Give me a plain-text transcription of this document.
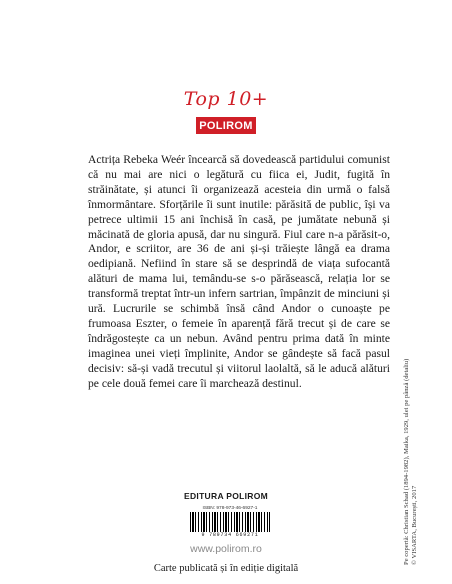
Top 10+
POLIROM

Actrița Rebeka Weér încearcă să dovedească partidului comunist că nu mai are nici o legătură cu fiica ei, Judit, fugită în străinătate, și atunci îi organizează acesteia din urmă o falsă înmormântare. Sforțările îi sunt inutile: părăsită de public, își va petrece ultimii 15 ani închisă în casă, pe jumătate nebună și măcinată de gloria apusă, dar nu singură. Fiul care n-a părăsit-o, Andor, e scriitor, are 36 de ani și-și trăiește lângă ea drama oedipiană. Nefiind în stare să se desprindă de viața sufocantă alături de mama lui, temându-se s-o părăsească, relația lor se transformă treptat într-un infern sartrian, împânzit de minciuni și ură. Lucrurile se schimbă însă când Andor o cunoaște pe frumoasa Eszter, o femeie în aparență fără trecut și de care se îndrăgostește ca un nebun. Având pentru prima dată în minte imaginea unei vieți împlinite, Andor se gândește să facă pasul decisiv: să-și vadă trecutul și viitorul laolaltă, să le aducă alături pe cele două femei care îi marchează destinul.	Pe copertă: Christian Schad (1894-1982), Maika, 1929, ulei pe pânză (detaliu) © VISARTA, București, 2017
EDITURA POLIROM
ISBN: 978-973-46-6927-1
9 789734 669271
www.polirom.ro
Carte publicată și în ediție digitală
